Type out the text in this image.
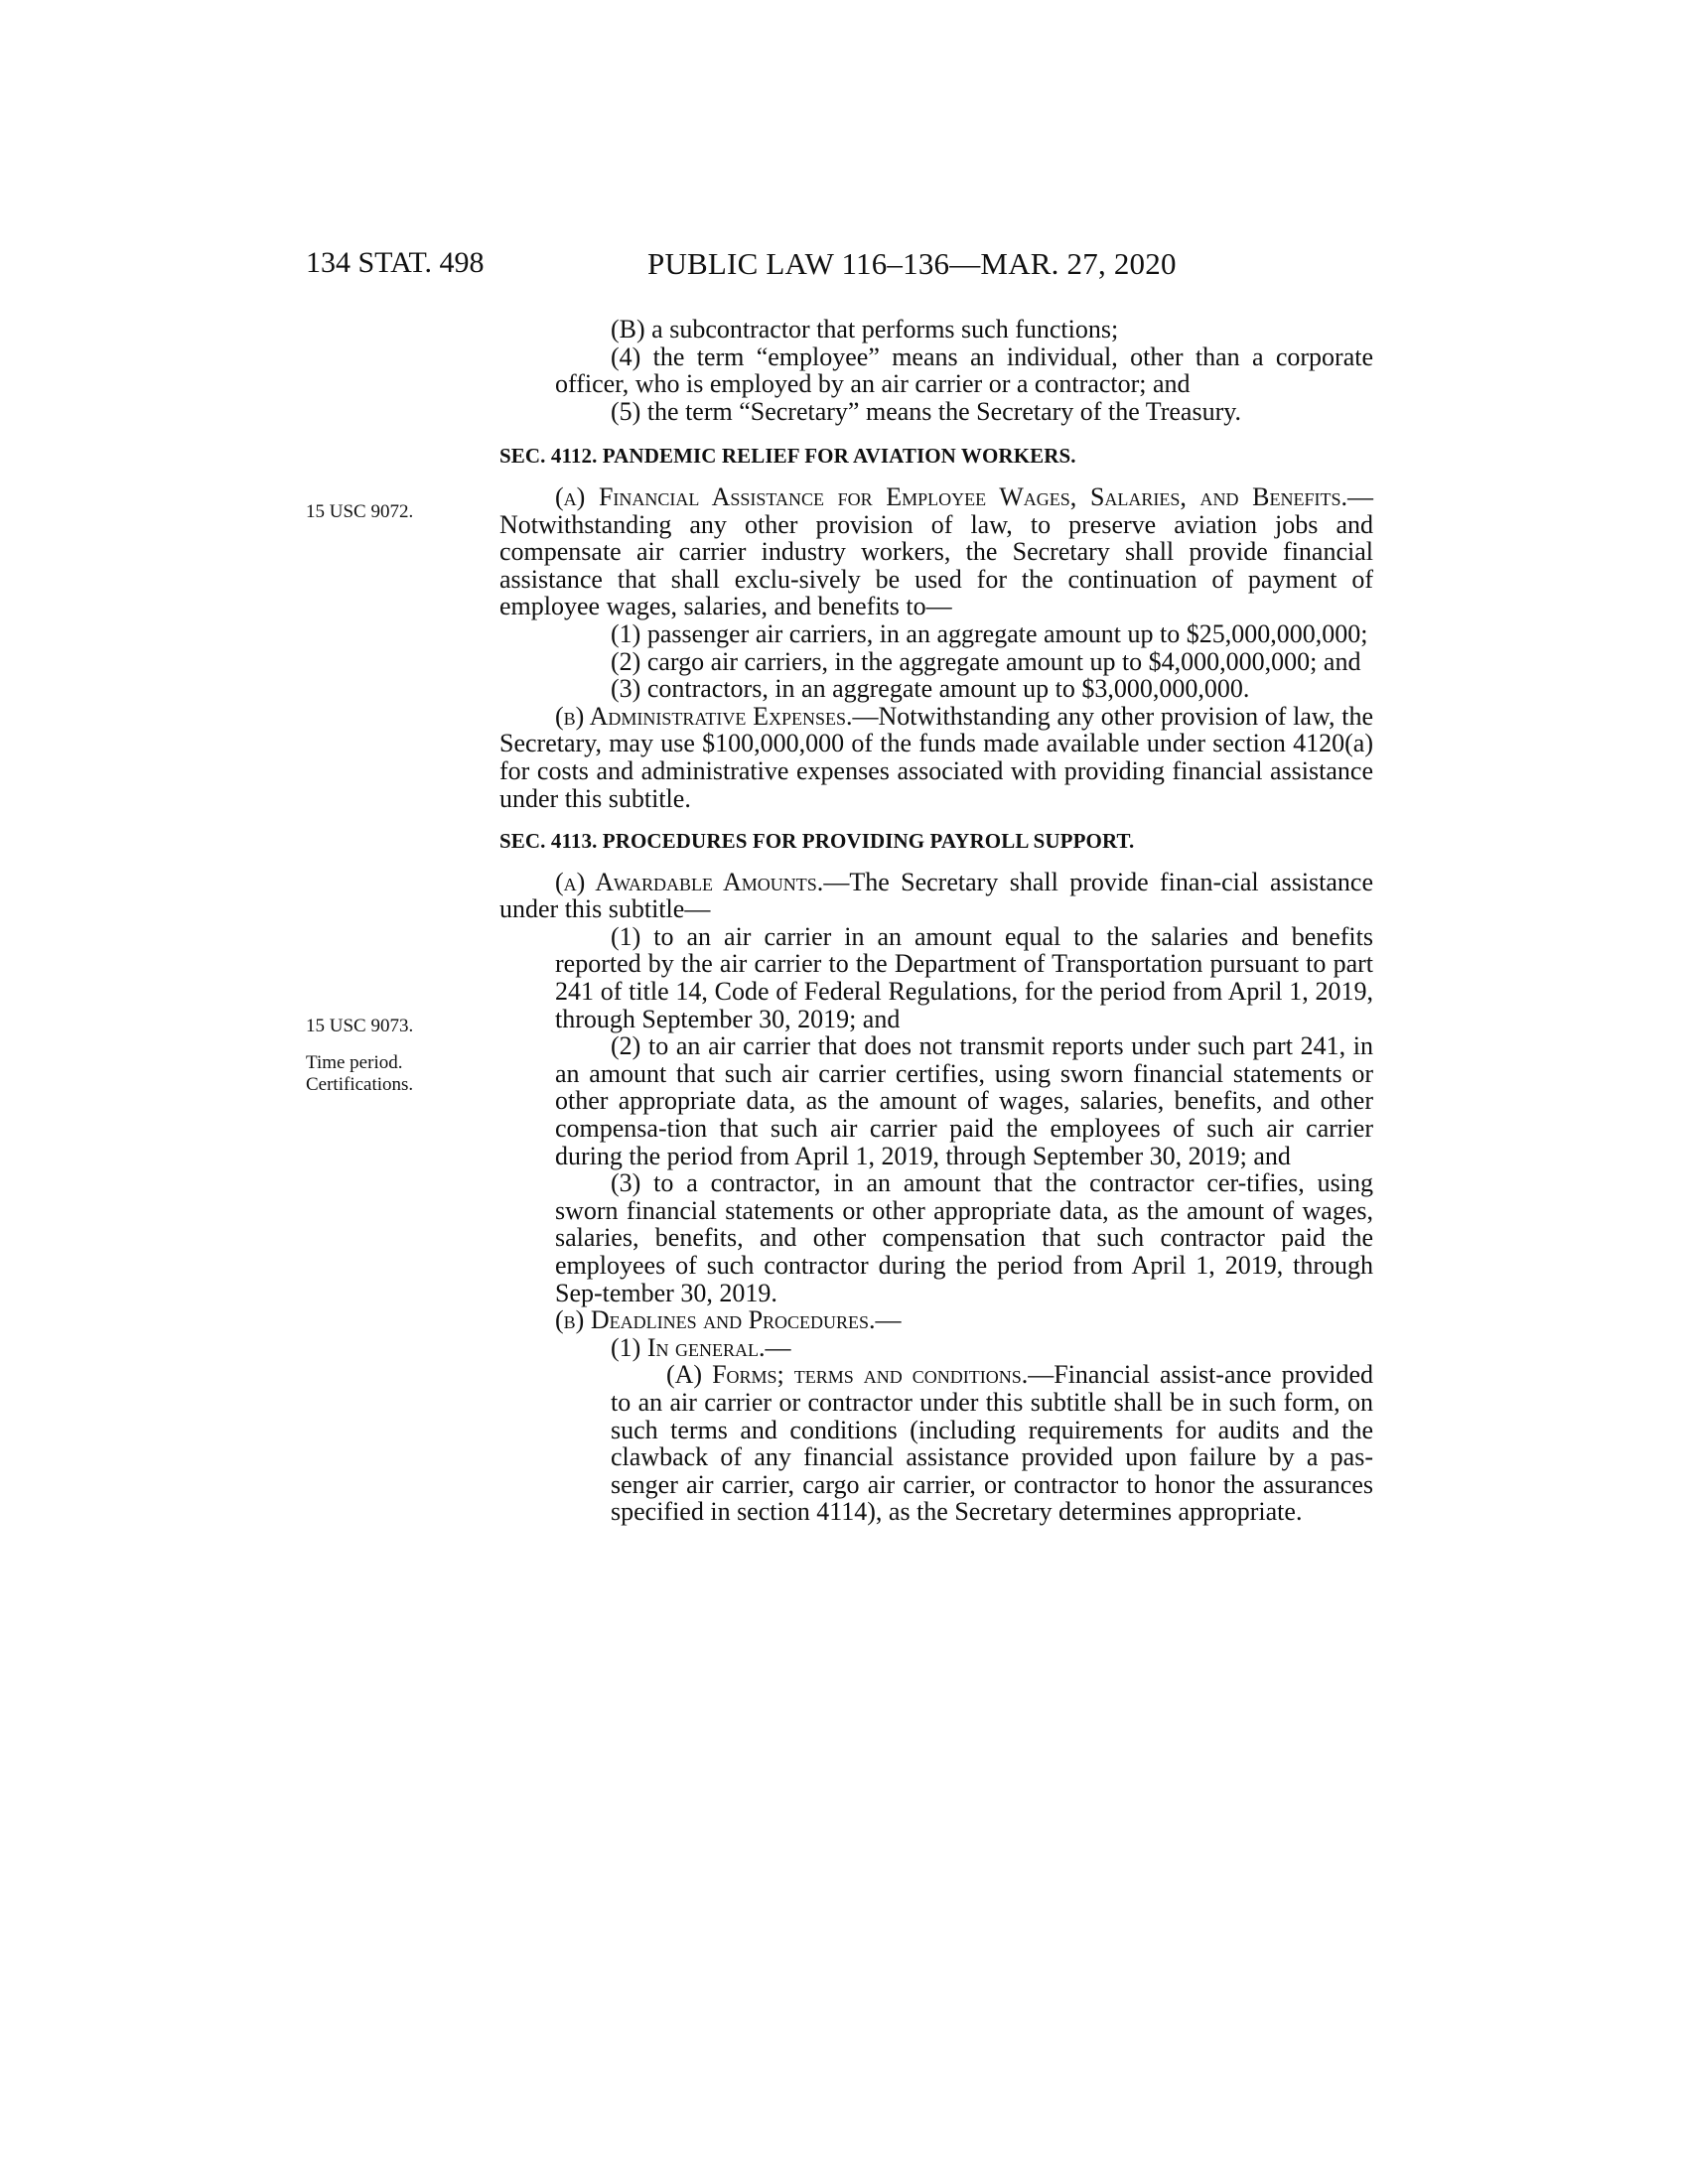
134 STAT. 498	PUBLIC LAW 116–136—MAR. 27, 2020
15 USC 9072.
15 USC 9073.
Time period.
Certifications.

(B) a subcontractor that performs such functions;

(4) the term “employee” means an individual, other than a corporate officer, who is employed by an air carrier or a contractor; and

(5) the term “Secretary” means the Secretary of the Treasury.

SEC. 4112. PANDEMIC RELIEF FOR AVIATION WORKERS.

(a) Financial Assistance for Employee Wages, Salaries, and Benefits.—Notwithstanding any other provision of law, to preserve aviation jobs and compensate air carrier industry workers, the Secretary shall provide financial assistance that shall exclu-sively be used for the continuation of payment of employee wages, salaries, and benefits to—

(1) passenger air carriers, in an aggregate amount up to $25,000,000,000;

(2) cargo air carriers, in the aggregate amount up to $4,000,000,000; and

(3) contractors, in an aggregate amount up to $3,000,000,000.

(b) Administrative Expenses.—Notwithstanding any other provision of law, the Secretary, may use $100,000,000 of the funds made available under section 4120(a) for costs and administrative expenses associated with providing financial assistance under this subtitle.

SEC. 4113. PROCEDURES FOR PROVIDING PAYROLL SUPPORT.

(a) Awardable Amounts.—The Secretary shall provide finan-cial assistance under this subtitle—

(1) to an air carrier in an amount equal to the salaries and benefits reported by the air carrier to the Department of Transportation pursuant to part 241 of title 14, Code of Federal Regulations, for the period from April 1, 2019, through September 30, 2019; and

(2) to an air carrier that does not transmit reports under such part 241, in an amount that such air carrier certifies, using sworn financial statements or other appropriate data, as the amount of wages, salaries, benefits, and other compensa-tion that such air carrier paid the employees of such air carrier during the period from April 1, 2019, through September 30, 2019; and

(3) to a contractor, in an amount that the contractor cer-tifies, using sworn financial statements or other appropriate data, as the amount of wages, salaries, benefits, and other compensation that such contractor paid the employees of such contractor during the period from April 1, 2019, through Sep-tember 30, 2019.

(b) Deadlines and Procedures.—

(1) In general.—

(A) Forms; terms and conditions.—Financial assist-ance provided to an air carrier or contractor under this subtitle shall be in such form, on such terms and conditions (including requirements for audits and the clawback of any financial assistance provided upon failure by a pas-senger air carrier, cargo air carrier, or contractor to honor the assurances specified in section 4114), as the Secretary determines appropriate.
